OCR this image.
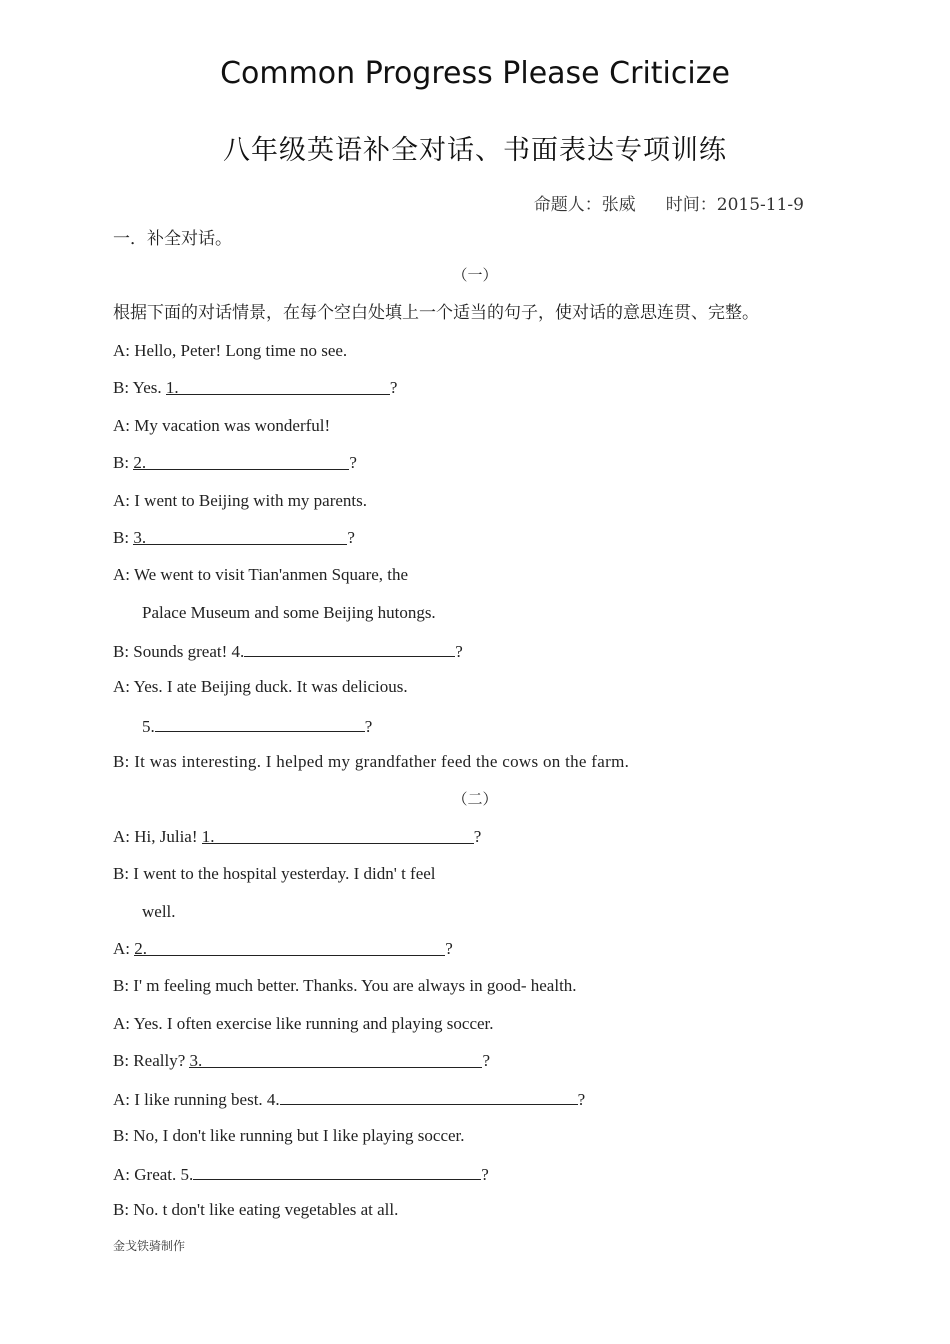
Common Progress Please Criticize
八年级英语补全对话、书面表达专项训练
命题人：张威 时间：2015-11-9
一．补全对话。
（一）
根据下面的对话情景，在每个空白处填上一个适当的句子，使对话的意思连贯、完整。
A: Hello, Peter! Long time no see.
B: Yes. 1.	?
A: My vacation was wonderful!
B: 2.	?
A: I went to Beijing with my parents.
B: 3.	?
A: We went to visit Tian'anmen Square, the
Palace Museum and some Beijing hutongs.
B: Sounds great! 4.	?
A: Yes. I ate Beijing duck. It was delicious.
5.	?
B: It was interesting. I helped my grandfather feed the cows on the farm.
（二）
A: Hi, Julia! 1.	?
B: I went to the hospital yesterday. I didn' t feel
well.
A: 2.	?
B: I' m feeling much better. Thanks. You are always in good- health.
A: Yes. I often exercise like running and playing soccer.
B: Really? 3.	?
A: I like running best. 4.	?
B: No, I don't like running but I like playing soccer.
A: Great. 5.	?
B: No. t don't like eating vegetables at all.
金戈铁骑制作
